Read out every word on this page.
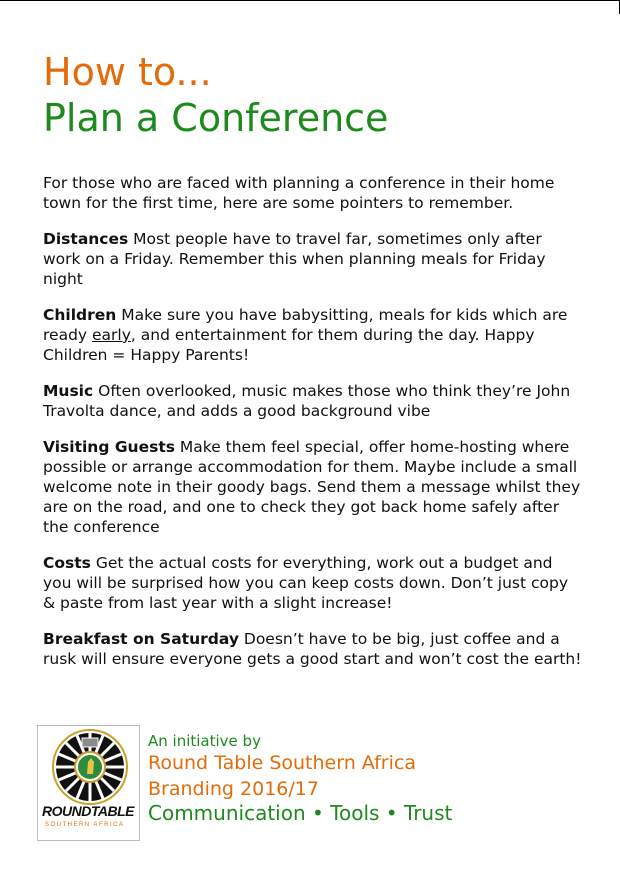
How to...
Plan a Conference

For those who are faced with planning a conference in their home town for the first time, here are some pointers to remember.

Distances Most people have to travel far, sometimes only after work on a Friday. Remember this when planning meals for Friday night

Children Make sure you have babysitting, meals for kids which are ready early, and entertainment for them during the day. Happy Children = Happy Parents!

Music Often overlooked, music makes those who think they’re John Travolta dance, and adds a good background vibe

Visiting Guests Make them feel special, offer home-hosting where possible or arrange accommodation for them. Maybe include a small welcome note in their goody bags. Send them a message whilst they are on the road, and one to check they got back home safely after the conference

Costs Get the actual costs for everything, work out a budget and you will be surprised how you can keep costs down. Don’t just copy & paste from last year with a slight increase!

Breakfast on Saturday Doesn’t have to be big, just coffee and a rusk will ensure everyone gets a good start and won’t cost the earth!

ROUNDTABLE
SOUTHERN AFRICA
An initiative by
Round Table Southern Africa
Branding 2016/17
Communication • Tools • Trust
